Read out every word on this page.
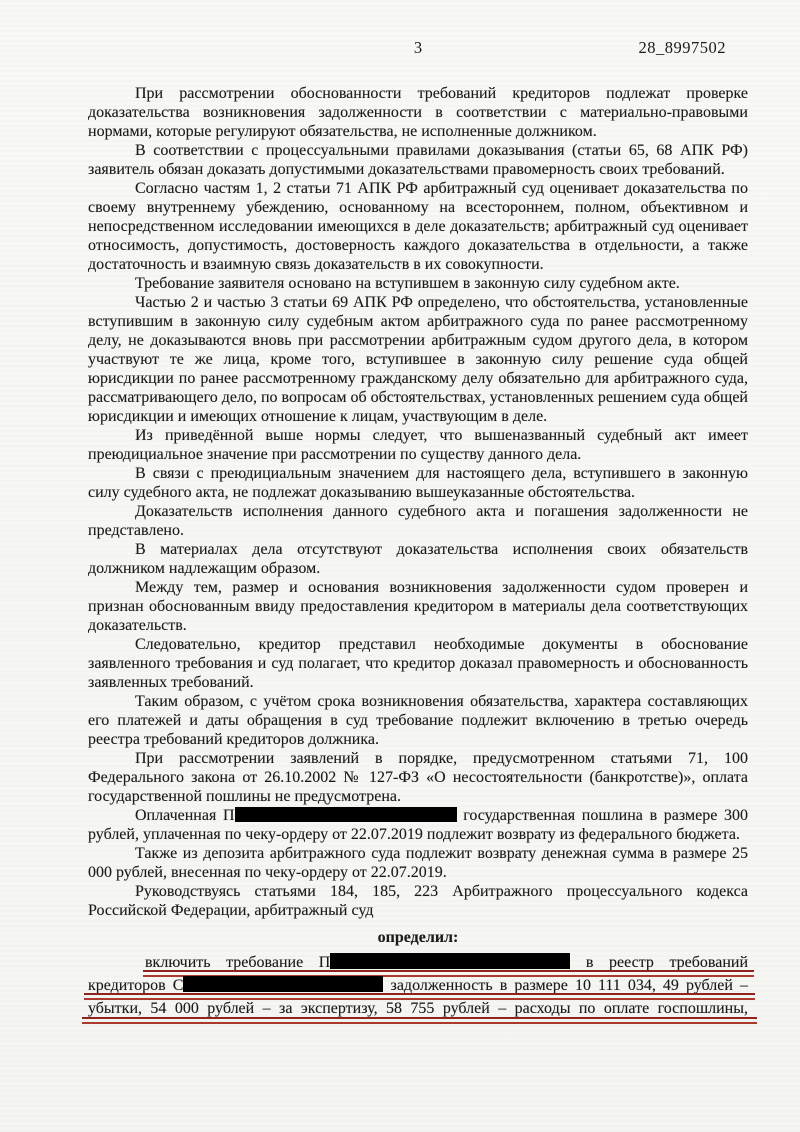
3	28_8997502

При рассмотрении обоснованности требований кредиторов подлежат проверке доказательства возникновения задолженности в соответствии с материально-правовыми нормами, которые регулируют обязательства, не исполненные должником.

В соответствии с процессуальными правилами доказывания (статьи 65, 68 АПК РФ) заявитель обязан доказать допустимыми доказательствами правомерность своих требований.

Согласно частям 1, 2 статьи 71 АПК РФ арбитражный суд оценивает доказательства по своему внутреннему убеждению, основанному на всестороннем, полном, объективном и непосредственном исследовании имеющихся в деле доказательств; арбитражный суд оценивает относимость, допустимость, достоверность каждого доказательства в отдельности, а также достаточность и взаимную связь доказательств в их совокупности.

Требование заявителя основано на вступившем в законную силу судебном акте.

Частью 2 и частью 3 статьи 69 АПК РФ определено, что обстоятельства, установленные вступившим в законную силу судебным актом арбитражного суда по ранее рассмотренному делу, не доказываются вновь при рассмотрении арбитражным судом другого дела, в котором участвуют те же лица, кроме того, вступившее в законную силу решение суда общей юрисдикции по ранее рассмотренному гражданскому делу обязательно для арбитражного суда, рассматривающего дело, по вопросам об обстоятельствах, установленных решением суда общей юрисдикции и имеющих отношение к лицам, участвующим в деле.

Из приведённой выше нормы следует, что вышеназванный судебный акт имеет преюдициальное значение при рассмотрении по существу данного дела.

В связи с преюдициальным значением для настоящего дела, вступившего в законную силу судебного акта, не подлежат доказыванию вышеуказанные обстоятельства.

Доказательств исполнения данного судебного акта и погашения задолженности не представлено.

В материалах дела отсутствуют доказательства исполнения своих обязательств должником надлежащим образом.

Между тем, размер и основания возникновения задолженности судом проверен и признан обоснованным ввиду предоставления кредитором в материалы дела соответствующих доказательств.

Следовательно, кредитор представил необходимые документы в обоснование заявленного требования и суд полагает, что кредитор доказал правомерность и обоснованность заявленных требований.

Таким образом, с учётом срока возникновения обязательства, характера составляющих его платежей и даты обращения в суд требование подлежит включению в третью очередь реестра требований кредиторов должника.

При рассмотрении заявлений в порядке, предусмотренном статьями 71, 100 Федерального закона от 26.10.2002 № 127-ФЗ «О несостоятельности (банкротстве)», оплата государственной пошлины не предусмотрена.

Оплаченная П	государственная пошлина в размере 300 рублей, уплаченная по чеку-ордеру от 22.07.2019 подлежит возврату из федерального бюджета.

Также из депозита арбитражного суда подлежит возврату денежная сумма в размере 25 000 рублей, внесенная по чеку-ордеру от 22.07.2019.

Руководствуясь статьями 184, 185, 223 Арбитражного процессуального кодекса Российской Федерации, арбитражный суд

определил:

включить требование П	в реестр требований
кредиторов С	задолженность в размере 10 111 034, 49 рублей –
убытки, 54 000 рублей – за экспертизу, 58 755 рублей – расходы по оплате госпошлины,
